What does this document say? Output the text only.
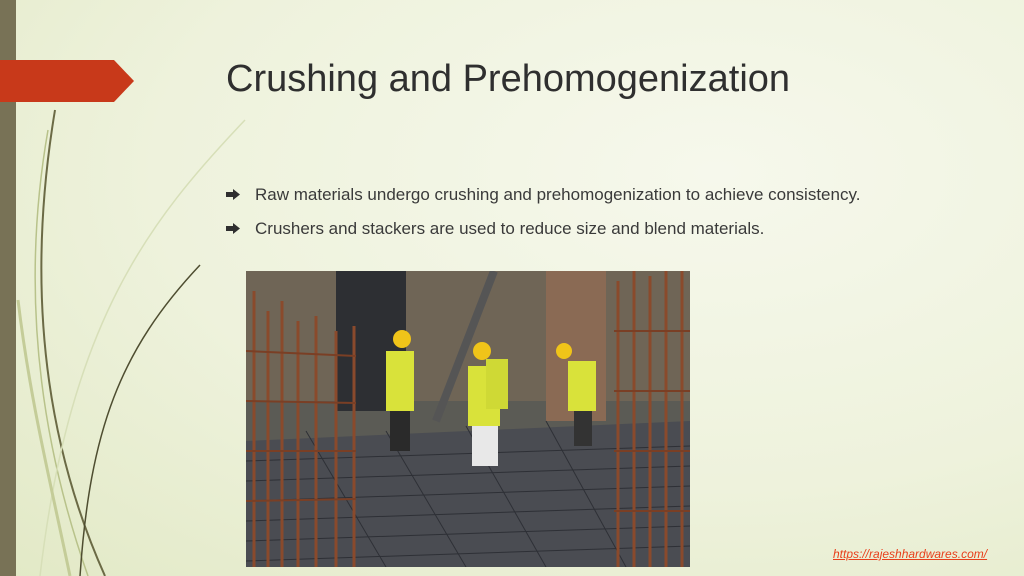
Crushing and Prehomogenization
Raw materials undergo crushing and prehomogenization to achieve consistency.
Crushers and stackers are used to reduce size and blend materials.
https://rajeshhardwares.com/
